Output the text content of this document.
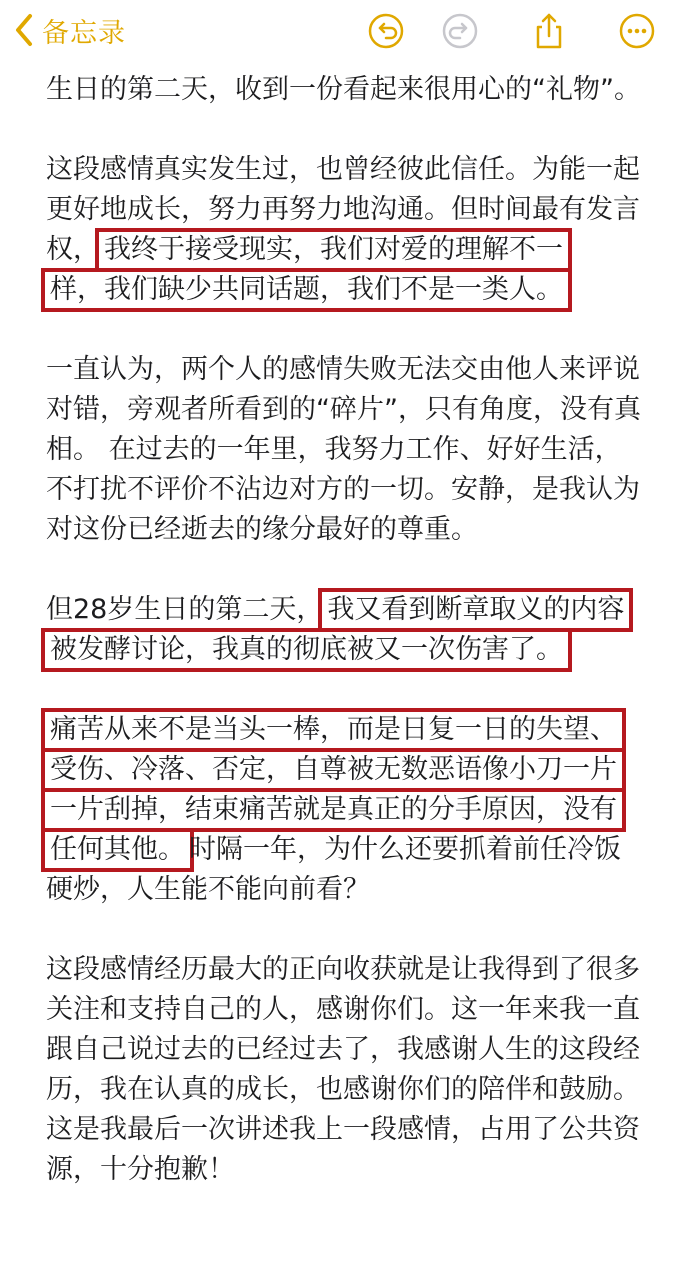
备忘录

生日的第二天，收到一份看起来很用心的“礼物”。

这段感情真实发生过，也曾经彼此信任。为能一起更好地成长，努力再努力地沟通。但时间最有发言权， 我终于接受现实，我们对爱的理解不一样，我们缺少共同话题，我们不是一类人。

一直认为，两个人的感情失败无法交由他人来评说对错，旁观者所看到的“碎片”，只有角度，没有真相。 在过去的一年里，我努力工作、好好生活，不打扰不评价不沾边对方的一切。安静，是我认为对这份已经逝去的缘分最好的尊重。

但28岁生日的第二天， 我又看到断章取义的内容被发酵讨论，我真的彻底被又一次伤害了。

痛苦从来不是当头一棒，而是日复一日的失望、受伤、冷落、否定，自尊被无数恶语像小刀一片一片刮掉，结束痛苦就是真正的分手原因，没有任何其他。 时隔一年，为什么还要抓着前任冷饭硬炒，人生能不能向前看？

这段感情经历最大的正向收获就是让我得到了很多关注和支持自己的人，感谢你们。这一年来我一直跟自己说过去的已经过去了，我感谢人生的这段经历，我在认真的成长，也感谢你们的陪伴和鼓励。这是我最后一次讲述我上一段感情，占用了公共资源，十分抱歉！
